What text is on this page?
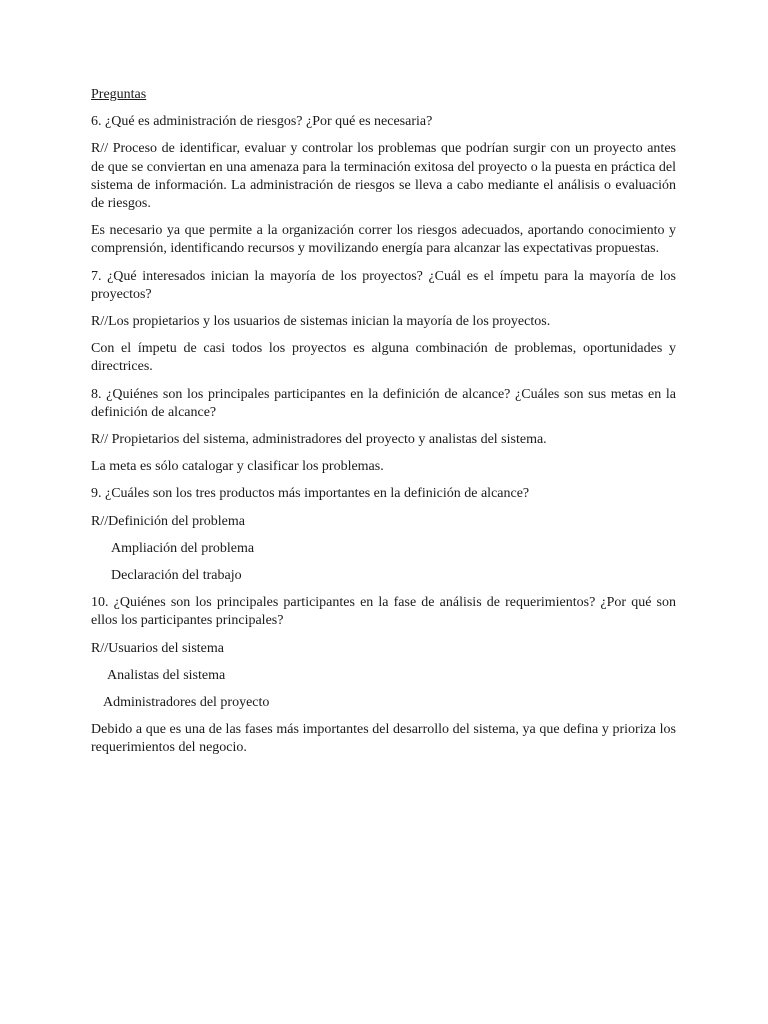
Preguntas

6. ¿Qué es administración de riesgos? ¿Por qué es necesaria?

R// Proceso de identificar, evaluar y controlar los problemas que podrían surgir con un proyecto antes de que se conviertan en una amenaza para la terminación exitosa del proyecto o la puesta en práctica del sistema de información. La administración de riesgos se lleva a cabo mediante el análisis o evaluación de riesgos.

Es necesario ya que permite a la organización correr los riesgos adecuados, aportando conocimiento y comprensión, identificando recursos y movilizando energía para alcanzar las expectativas propuestas.

7. ¿Qué interesados inician la mayoría de los proyectos? ¿Cuál es el ímpetu para la mayoría de los proyectos?

R//Los propietarios y los usuarios de sistemas inician la mayoría de los proyectos.

Con el ímpetu de casi todos los proyectos es alguna combinación de problemas, oportunidades y directrices.

8. ¿Quiénes son los principales participantes en la definición de alcance? ¿Cuáles son sus metas en la definición de alcance?

R// Propietarios del sistema, administradores del proyecto y analistas del sistema.

La meta es sólo catalogar y clasificar los problemas.

9. ¿Cuáles son los tres productos más importantes en la definición de alcance?

R//Definición del problema

Ampliación del problema

Declaración del trabajo

10. ¿Quiénes son los principales participantes en la fase de análisis de requerimientos? ¿Por qué son ellos los participantes principales?

R//Usuarios del sistema

Analistas del sistema

Administradores del proyecto

Debido a que es una de las fases más importantes del desarrollo del sistema, ya que defina y prioriza los requerimientos del negocio.
